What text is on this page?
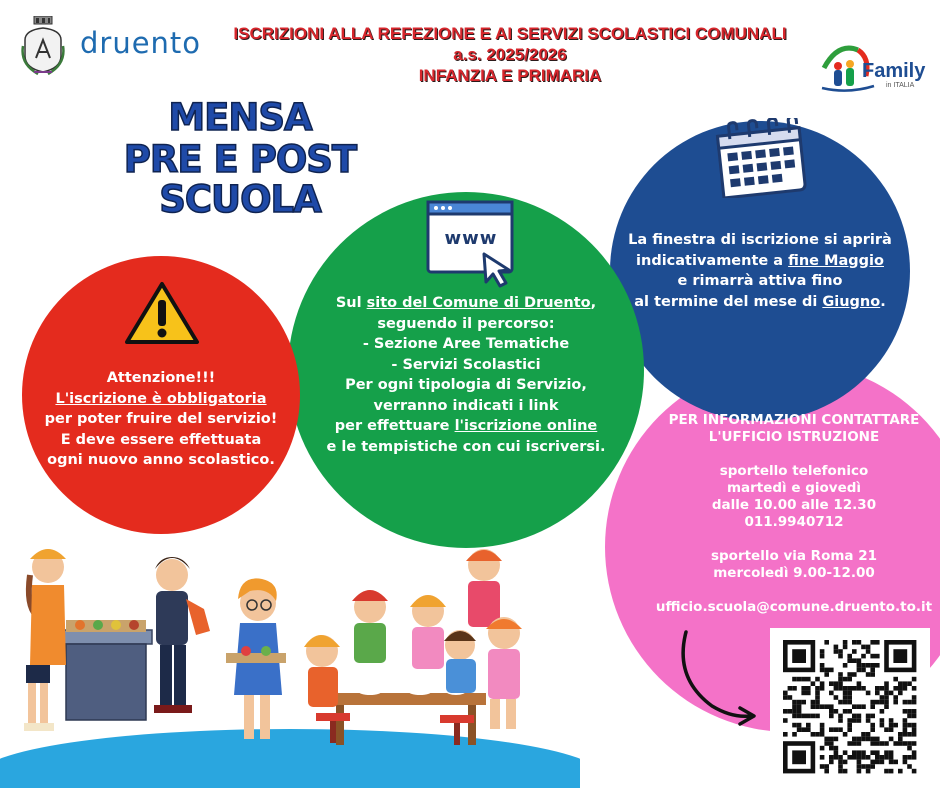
druento	ISCRIZIONI ALLA REFEZIONE E AI SERVIZI SCOLASTICI COMUNALI
a.s. 2025/2026
INFANZIA E PRIMARIA	Family
in ITALIA
MENSA
PRE E POST SCUOLA
Attenzione!!!
L'iscrizione è obbligatoria
per poter fruire del servizio!
E deve essere effettuata
ogni nuovo anno scolastico.
www
Sul sito del Comune di Druento,
seguendo il percorso:
- Sezione Aree Tematiche
- Servizi Scolastici
Per ogni tipologia di Servizio,
verranno indicati i link
per effettuare l'iscrizione online
e le tempistiche con cui iscriversi.
La finestra di iscrizione si aprirà
indicativamente a fine Maggio
e rimarrà attiva fino
al termine del mese di Giugno.
PER INFORMAZIONI CONTATTARE
L'UFFICIO ISTRUZIONE
sportello telefonico
martedì e giovedì
dalle 10.00 alle 12.30
011.9940712
sportello via Roma 21
mercoledì 9.00-12.00
ufficio.scuola@comune.druento.to.it
